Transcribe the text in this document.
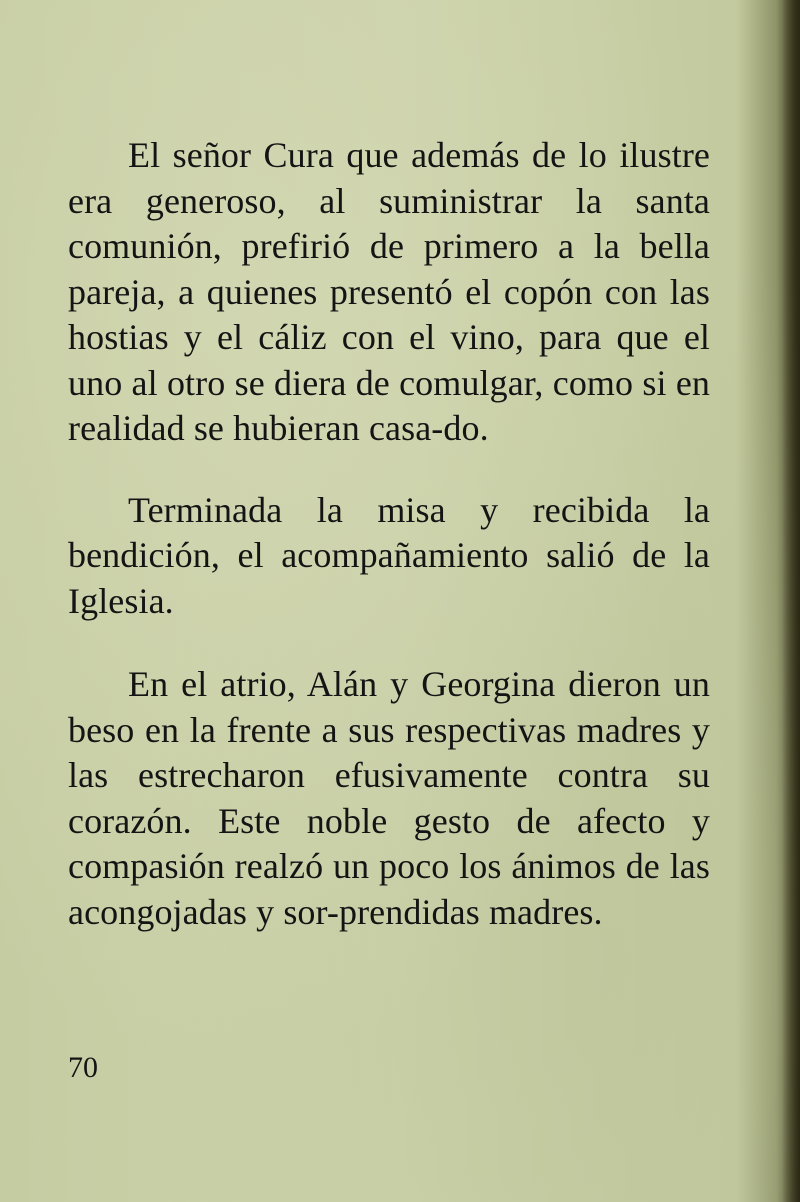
El señor Cura que además de lo ilustre era generoso, al suministrar la santa comunión, prefirió de primero a la bella pareja, a quienes presentó el copón con las hostias y el cáliz con el vino, para que el uno al otro se diera de comulgar, como si en realidad se hubieran casa-do.

Terminada la misa y recibida la bendición, el acompañamiento salió de la Iglesia.

En el atrio, Alán y Georgina dieron un beso en la frente a sus respectivas madres y las estrecharon efusivamente contra su corazón. Este noble gesto de afecto y compasión realzó un poco los ánimos de las acongojadas y sor-prendidas madres.

70
